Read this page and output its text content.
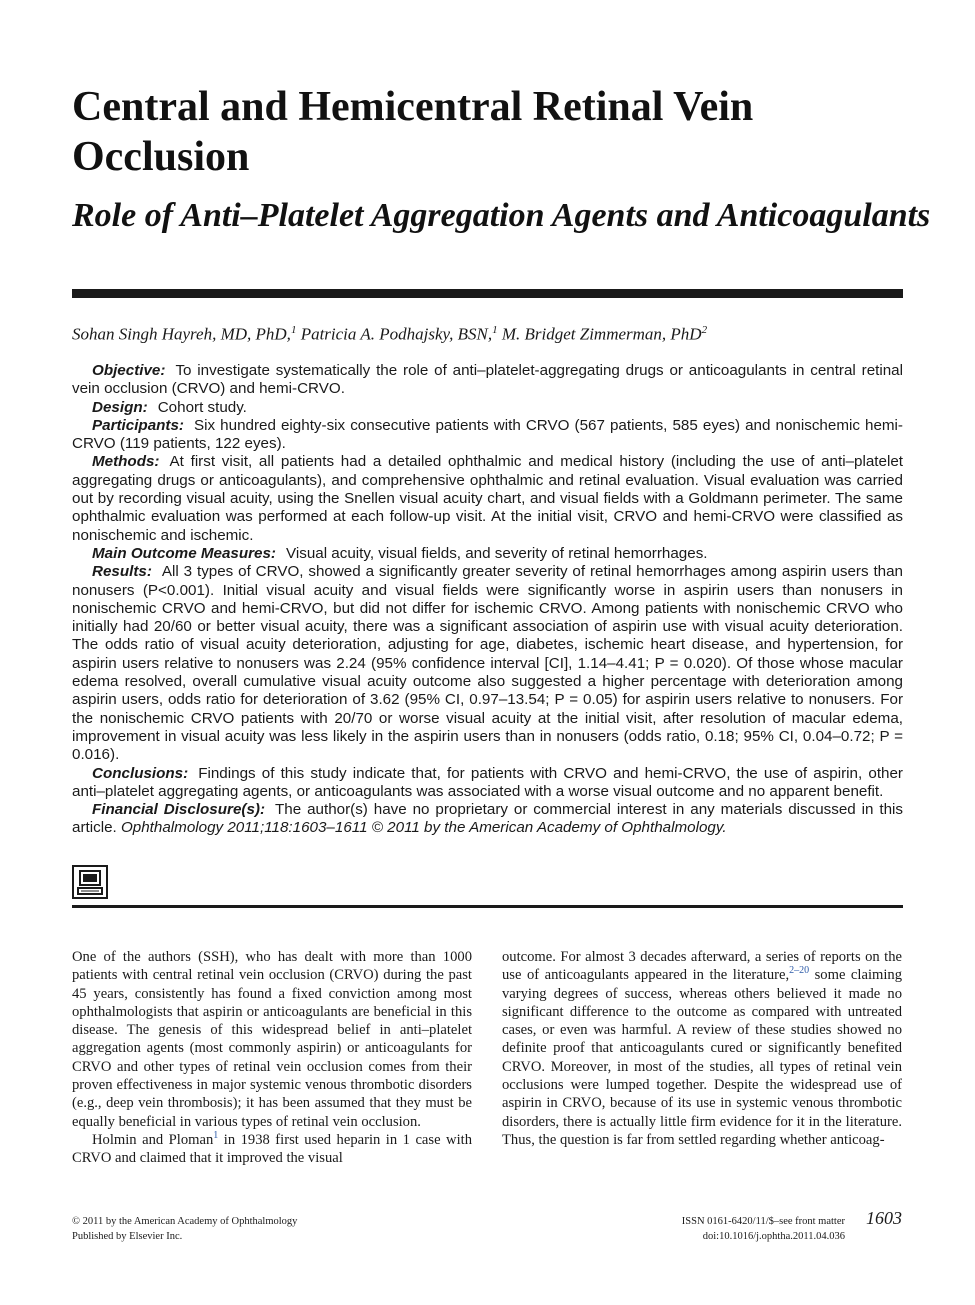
Central and Hemicentral Retinal Vein Occlusion
Role of Anti–Platelet Aggregation Agents and Anticoagulants
Sohan Singh Hayreh, MD, PhD,$^1$ Patricia A. Podhajsky, BSN,$^1$ M. Bridget Zimmerman, PhD$^2$

Objective: To investigate systematically the role of anti–platelet-aggregating drugs or anticoagulants in central retinal vein occlusion (CRVO) and hemi-CRVO.

Design: Cohort study.

Participants: Six hundred eighty-six consecutive patients with CRVO (567 patients, 585 eyes) and nonischemic hemi-CRVO (119 patients, 122 eyes).

Methods: At first visit, all patients had a detailed ophthalmic and medical history (including the use of anti–platelet aggregating drugs or anticoagulants), and comprehensive ophthalmic and retinal evaluation. Visual evaluation was carried out by recording visual acuity, using the Snellen visual acuity chart, and visual fields with a Goldmann perimeter. The same ophthalmic evaluation was performed at each follow-up visit. At the initial visit, CRVO and hemi-CRVO were classified as nonischemic and ischemic.

Main Outcome Measures: Visual acuity, visual fields, and severity of retinal hemorrhages.

Results: All 3 types of CRVO, showed a significantly greater severity of retinal hemorrhages among aspirin users than nonusers (P<0.001). Initial visual acuity and visual fields were significantly worse in aspirin users than nonusers in nonischemic CRVO and hemi-CRVO, but did not differ for ischemic CRVO. Among patients with nonischemic CRVO who initially had 20/60 or better visual acuity, there was a significant association of aspirin use with visual acuity deterioration. The odds ratio of visual acuity deterioration, adjusting for age, diabetes, ischemic heart disease, and hypertension, for aspirin users relative to nonusers was 2.24 (95% confidence interval [CI], 1.14–4.41; P = 0.020). Of those whose macular edema resolved, overall cumulative visual acuity outcome also suggested a higher percentage with deterioration among aspirin users, odds ratio for deterioration of 3.62 (95% CI, 0.97–13.54; P = 0.05) for aspirin users relative to nonusers. For the nonischemic CRVO patients with 20/70 or worse visual acuity at the initial visit, after resolution of macular edema, improvement in visual acuity was less likely in the aspirin users than in nonusers (odds ratio, 0.18; 95% CI, 0.04–0.72; P = 0.016).

Conclusions: Findings of this study indicate that, for patients with CRVO and hemi-CRVO, the use of aspirin, other anti–platelet aggregating agents, or anticoagulants was associated with a worse visual outcome and no apparent benefit.

Financial Disclosure(s): The author(s) have no proprietary or commercial interest in any materials discussed in this article. Ophthalmology 2011;118:1603–1611 © 2011 by the American Academy of Ophthalmology.

One of the authors (SSH), who has dealt with more than 1000 patients with central retinal vein occlusion (CRVO) during the past 45 years, consistently has found a fixed conviction among most ophthalmologists that aspirin or anticoagulants are beneficial in this disease. The genesis of this widespread belief in anti–platelet aggregation agents (most commonly aspirin) or anticoagulants for CRVO and other types of retinal vein occlusion comes from their proven effectiveness in major systemic venous thrombotic disorders (e.g., deep vein thrombosis); it has been assumed that they must be equally beneficial in various types of retinal vein occlusion.

Holmin and Ploman$^1$ in 1938 first used heparin in 1 case with CRVO and claimed that it improved the visual

outcome. For almost 3 decades afterward, a series of reports on the use of anticoagulants appeared in the literature,$^{2-20}$ some claiming varying degrees of success, whereas others believed it made no significant difference to the outcome as compared with untreated cases, or even was harmful. A review of these studies showed no definite proof that anticoagulants cured or significantly benefited CRVO. Moreover, in most of the studies, all types of retinal vein occlusions were lumped together. Despite the widespread use of aspirin in CRVO, because of its use in systemic venous thrombotic disorders, there is actually little firm evidence for it in the literature. Thus, the question is far from settled regarding whether anticoag-

© 2011 by the American Academy of Ophthalmology
Published by Elsevier Inc.
ISSN 0161-6420/11/$–see front matter
doi:10.1016/j.ophtha.2011.04.036
1603
